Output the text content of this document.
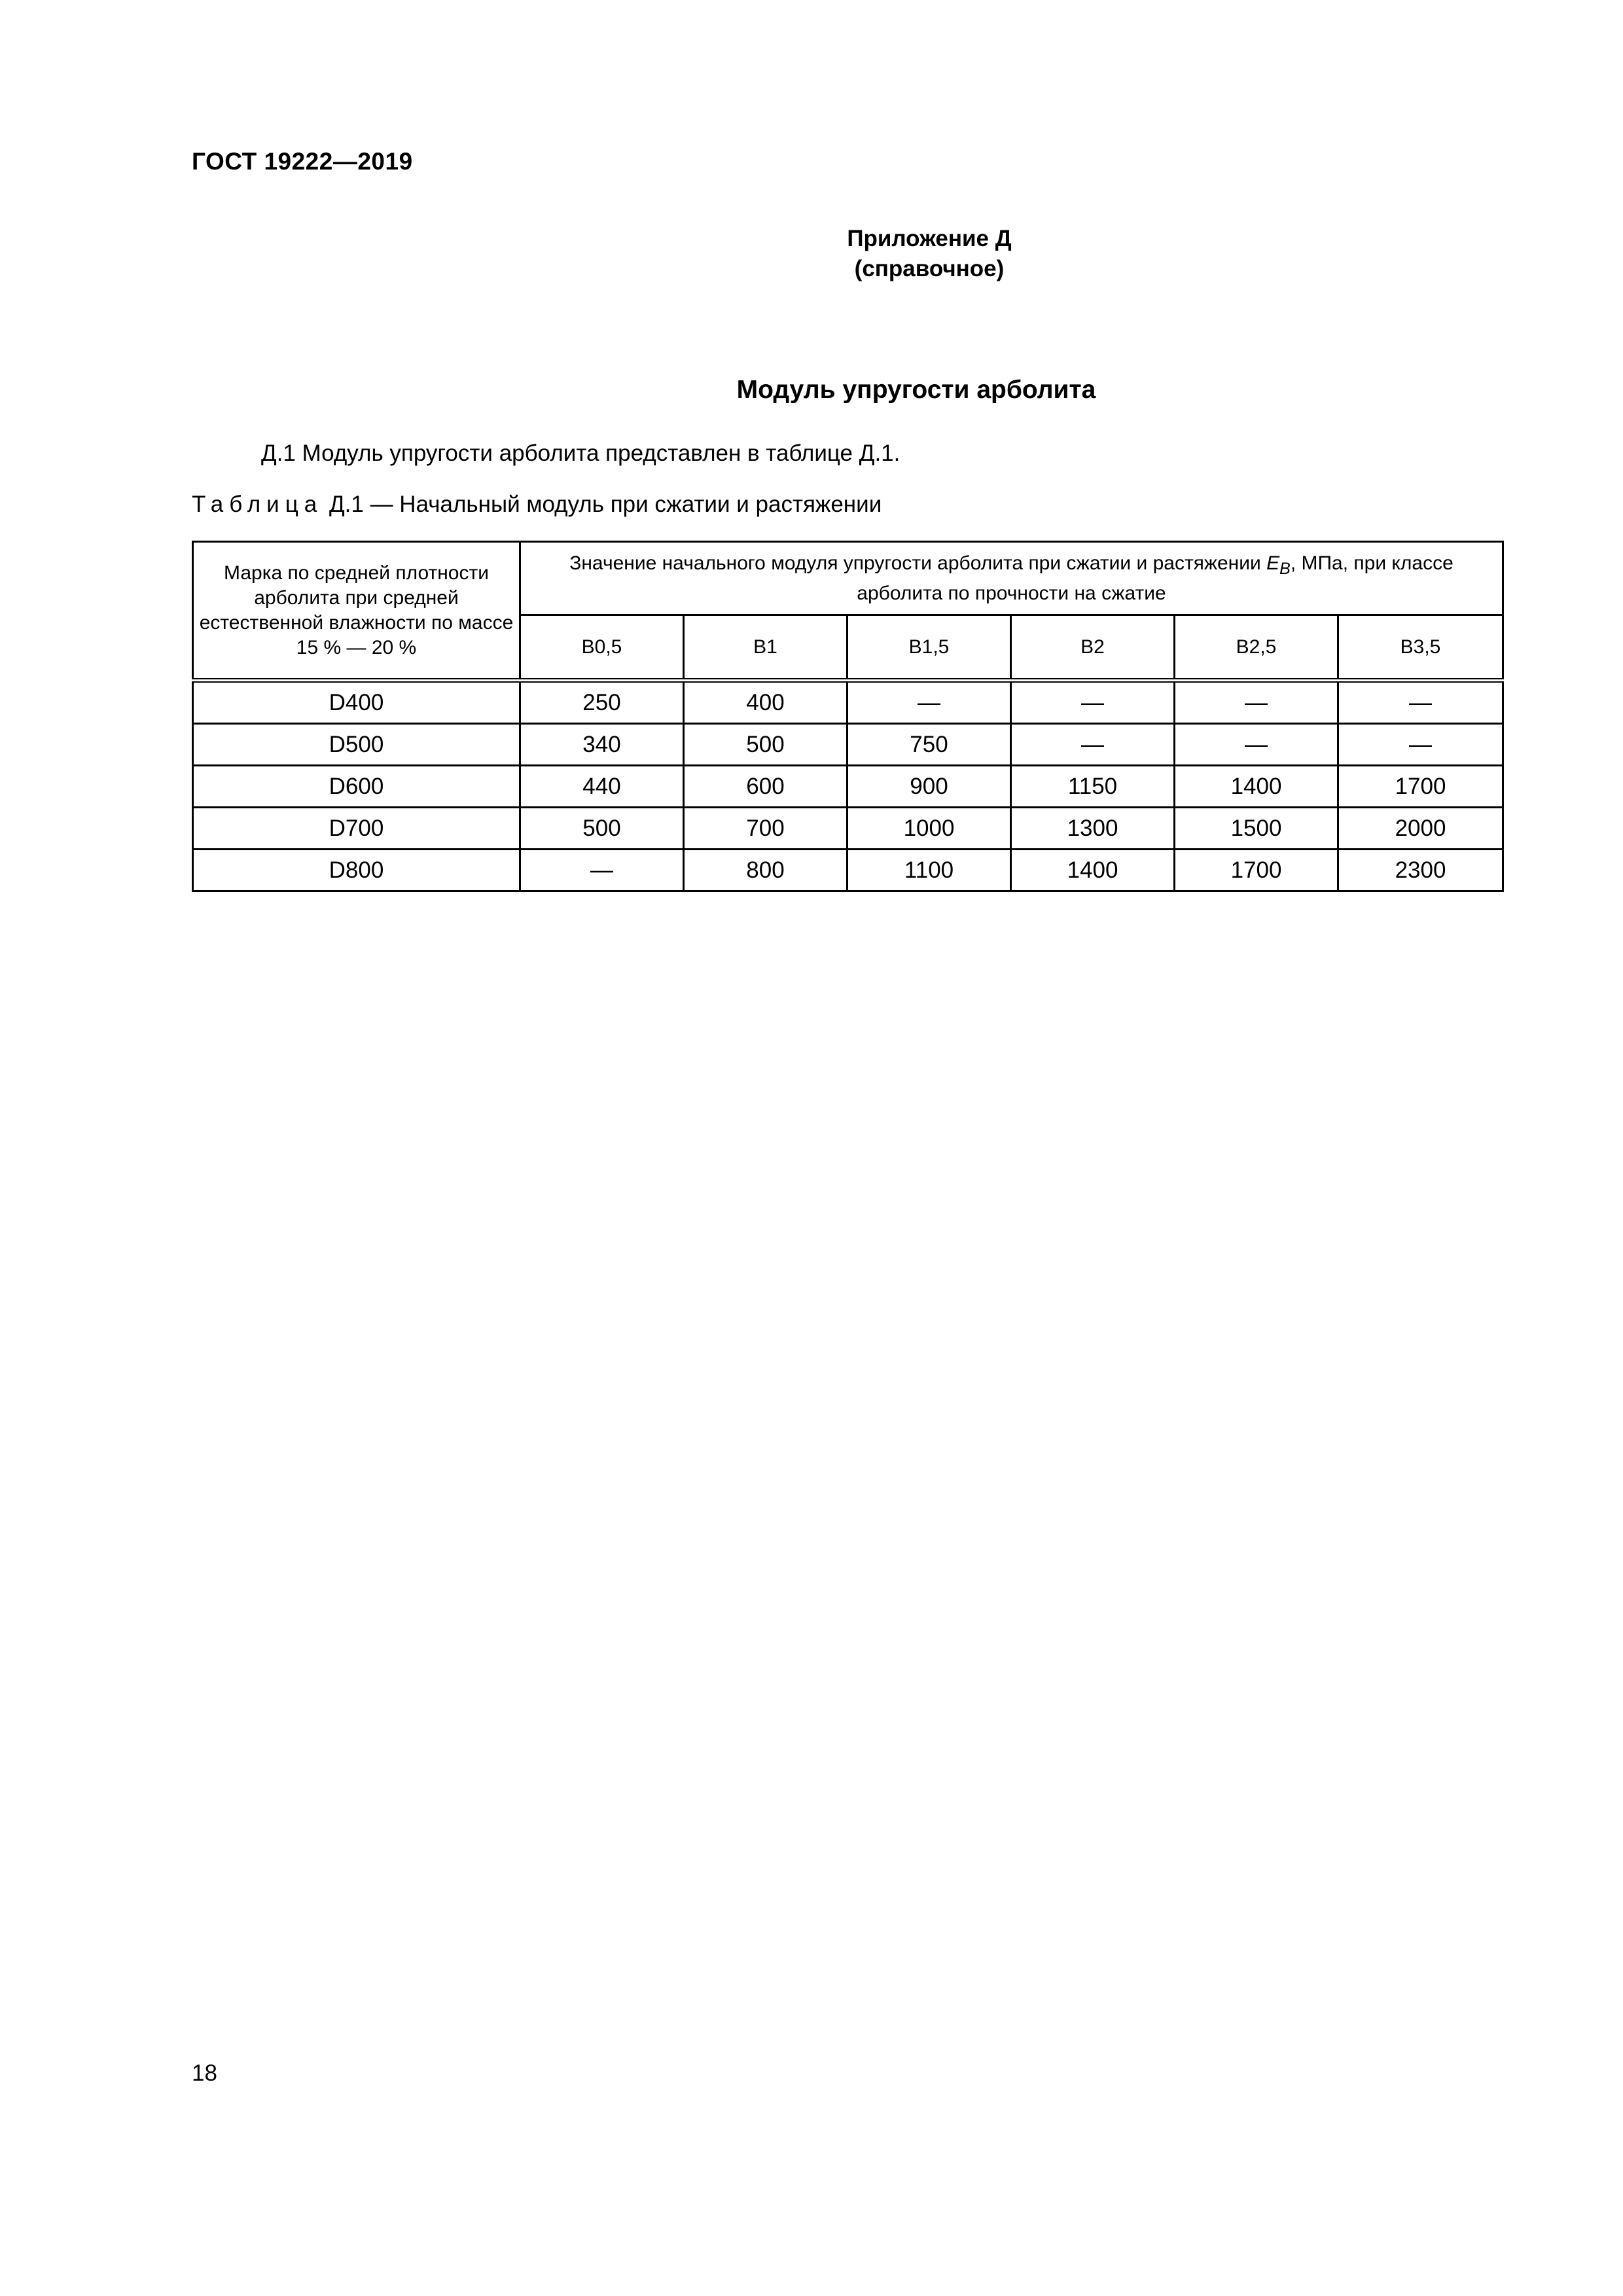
ГОСТ 19222—2019
Приложение Д
(справочное)
Модуль упругости арболита
Д.1 Модуль упругости арболита представлен в таблице Д.1.
Таблица Д.1 — Начальный модуль при сжатии и растяжении
Марка по средней плотности арболита при средней естественной влажности по массе 15 % — 20 %	Значение начального модуля упругости арболита при сжатии и растяжении $E_B$, МПа, при классе арболита по прочности на сжатие					
	В0,5	В1	В1,5	В2	В2,5	В3,5
D400	250	400	—	—	—	—
D500	340	500	750	—	—	—
D600	440	600	900	1150	1400	1700
D700	500	700	1000	1300	1500	2000
D800	—	800	1100	1400	1700	2300
18
